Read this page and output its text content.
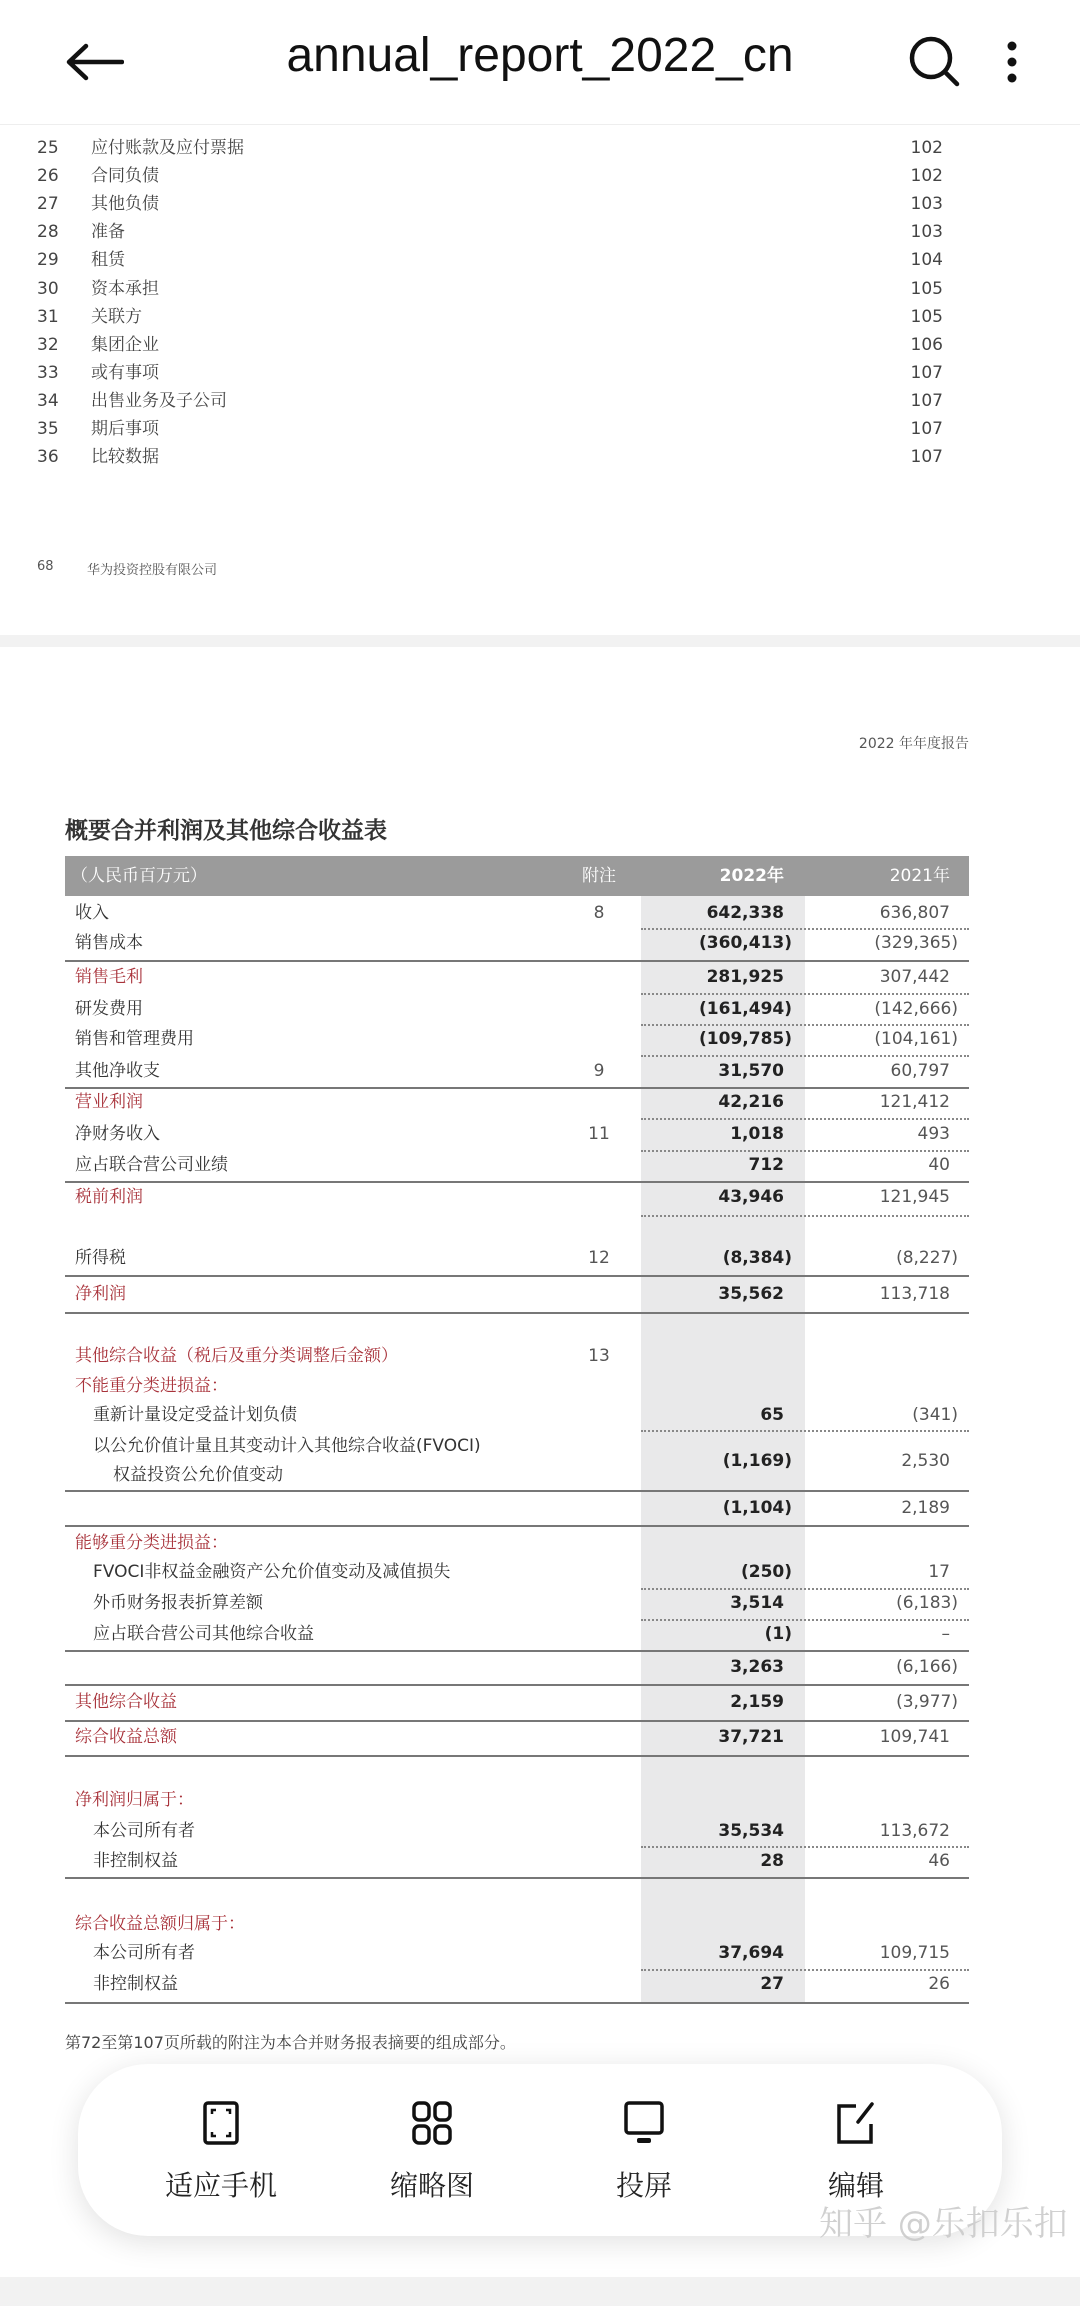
annual_report_2022_cn
25 应付账款及应付票据	102
26 合同负债	102
27 其他负债	103
28 准备	103
29 租赁	104
30 资本承担	105
31 关联方	105
32 集团企业	106
33 或有事项	107
34 出售业务及子公司	107
35 期后事项	107
36 比较数据	107
68	华为投资控股有限公司
2022 年年度报告
概要合并利润及其他综合收益表
（人民币百万元）	附注	2022年	2021年
收入	8	642,338	636,807
销售成本	(360,413)	(329,365)
销售毛利	281,925	307,442
研发费用	(161,494)	(142,666)
销售和管理费用	(109,785)	(104,161)
其他净收支	9	31,570	60,797
营业利润	42,216	121,412
净财务收入	11	1,018	493
应占联合营公司业绩	712	40
税前利润	43,946	121,945
所得税	12	(8,384)	(8,227)
净利润	35,562	113,718
其他综合收益（税后及重分类调整后金额）	13
不能重分类进损益：
重新计量设定受益计划负债	65	(341)
以公允价值计量且其变动计入其他综合收益(FVOCI)
权益投资公允价值变动
(1,169)	2,530
(1,104)	2,189
能够重分类进损益：
FVOCI非权益金融资产公允价值变动及减值损失	(250)	17
外币财务报表折算差额	3,514	(6,183)
应占联合营公司其他综合收益	(1)	–
3,263	(6,166)
其他综合收益	2,159	(3,977)
综合收益总额	37,721	109,741
净利润归属于：
本公司所有者	35,534	113,672
非控制权益	28	46
综合收益总额归属于：
本公司所有者	37,694	109,715
非控制权益	27	26
第72至第107页所载的附注为本合并财务报表摘要的组成部分。
适应手机	缩略图	投屏	编辑
知乎 @乐扣乐扣
